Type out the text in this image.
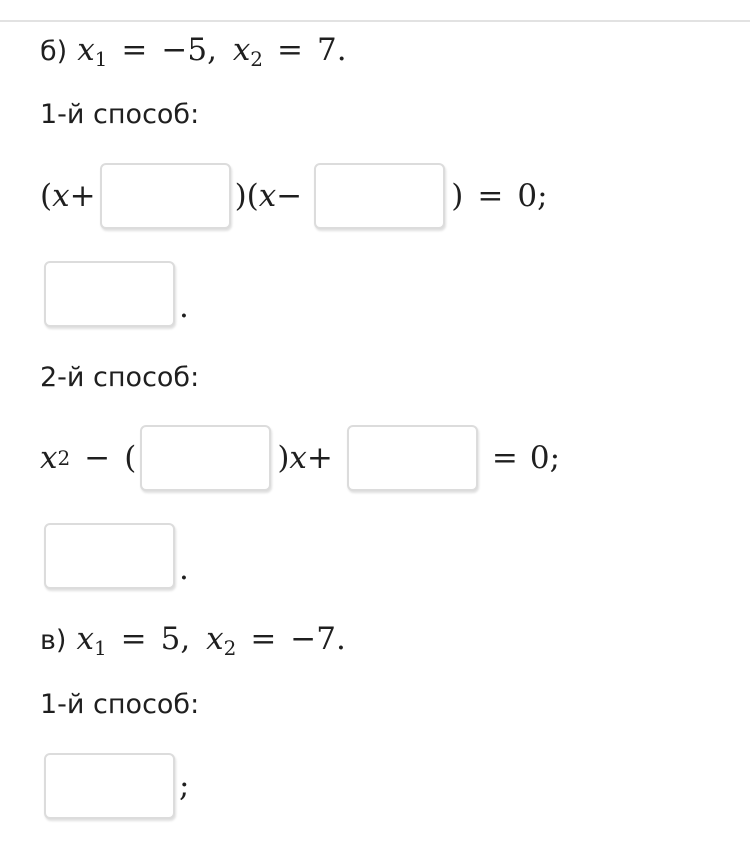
б) $x_1 = -5$, $x_2 = 7$.
1-й способ:
( x +	)( x −	) = 0;
.
2-й способ:
x 2 − (	) x +	= 0;
.
в) $x_1 = 5$, $x_2 = -7$.
1-й способ:
;
